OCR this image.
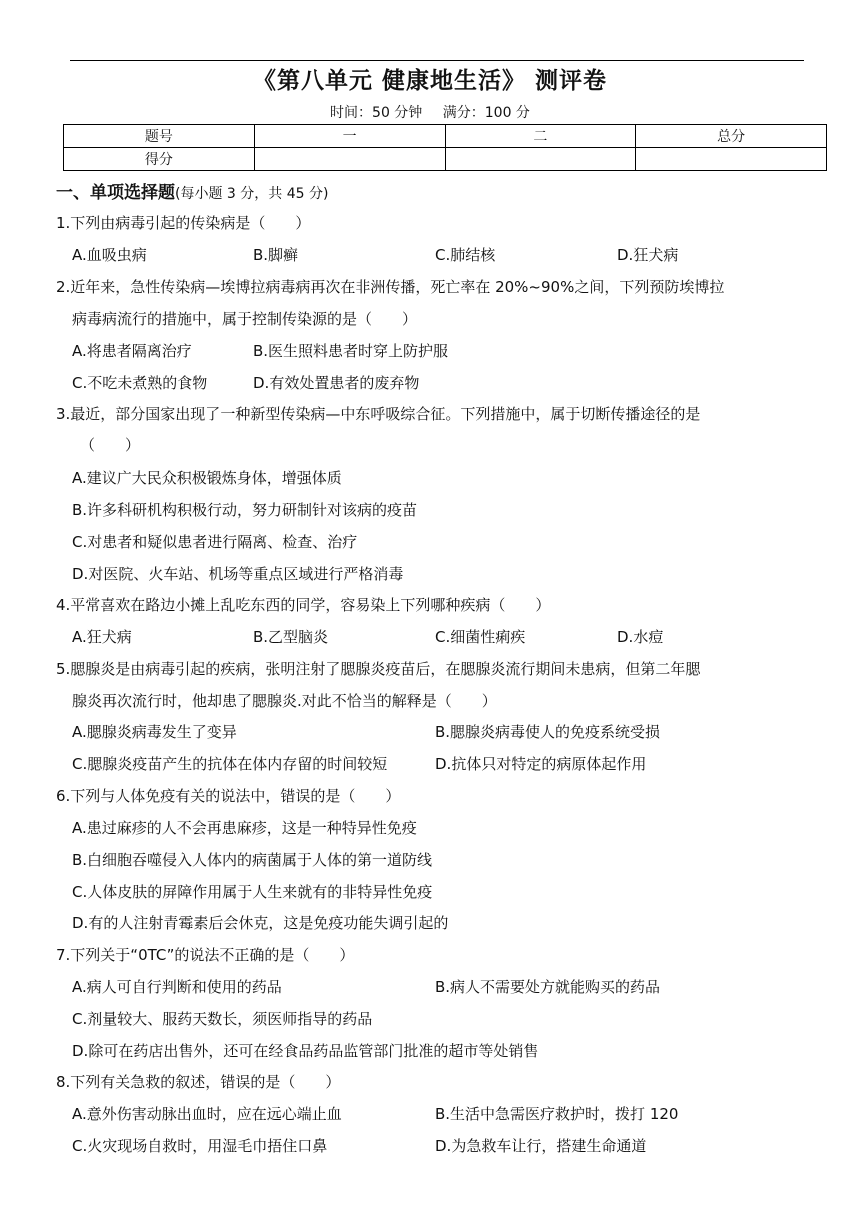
《第八单元 健康地生活》 测评卷
时间：50 分钟 满分：100 分
题号	一	二	总分
得分			
一、单项选择题(每小题 3 分，共 45 分)
1.下列由病毒引起的传染病是（　　）
A.血吸虫病	B.脚癣	C.肺结核	D.狂犬病
2.近年来，急性传染病—埃博拉病毒病再次在非洲传播，死亡率在 20%~90%之间，下列预防埃博拉
病毒病流行的措施中，属于控制传染源的是（　　）
A.将患者隔离治疗	B.医生照料患者时穿上防护服
C.不吃未煮熟的食物	D.有效处置患者的废弃物
3.最近，部分国家出现了一种新型传染病—中东呼吸综合征。下列措施中，属于切断传播途径的是
（　　）
A.建议广大民众积极锻炼身体，增强体质
B.许多科研机构积极行动，努力研制针对该病的疫苗
C.对患者和疑似患者进行隔离、检查、治疗
D.对医院、火车站、机场等重点区域进行严格消毒
4.平常喜欢在路边小摊上乱吃东西的同学，容易染上下列哪种疾病（　　）
A.狂犬病	B.乙型脑炎	C.细菌性痢疾	D.水痘
5.腮腺炎是由病毒引起的疾病，张明注射了腮腺炎疫苗后，在腮腺炎流行期间未患病，但第二年腮
腺炎再次流行时，他却患了腮腺炎.对此不恰当的解释是（　　）
A.腮腺炎病毒发生了变异	B.腮腺炎病毒使人的免疫系统受损
C.腮腺炎疫苗产生的抗体在体内存留的时间较短	D.抗体只对特定的病原体起作用
6.下列与人体免疫有关的说法中，错误的是（　　）
A.患过麻疹的人不会再患麻疹，这是一种特异性免疫
B.白细胞吞噬侵入人体内的病菌属于人体的第一道防线
C.人体皮肤的屏障作用属于人生来就有的非特异性免疫
D.有的人注射青霉素后会休克，这是免疫功能失调引起的
7.下列关于“0TC”的说法不正确的是（　　）
A.病人可自行判断和使用的药品	B.病人不需要处方就能购买的药品
C.剂量较大、服药天数长，须医师指导的药品
D.除可在药店出售外，还可在经食品药品监管部门批准的超市等处销售
8.下列有关急救的叙述，错误的是（　　）
A.意外伤害动脉出血时，应在远心端止血	B.生活中急需医疗救护时，拨打 120
C.火灾现场自救时，用湿毛巾捂住口鼻	D.为急救车让行，搭建生命通道
